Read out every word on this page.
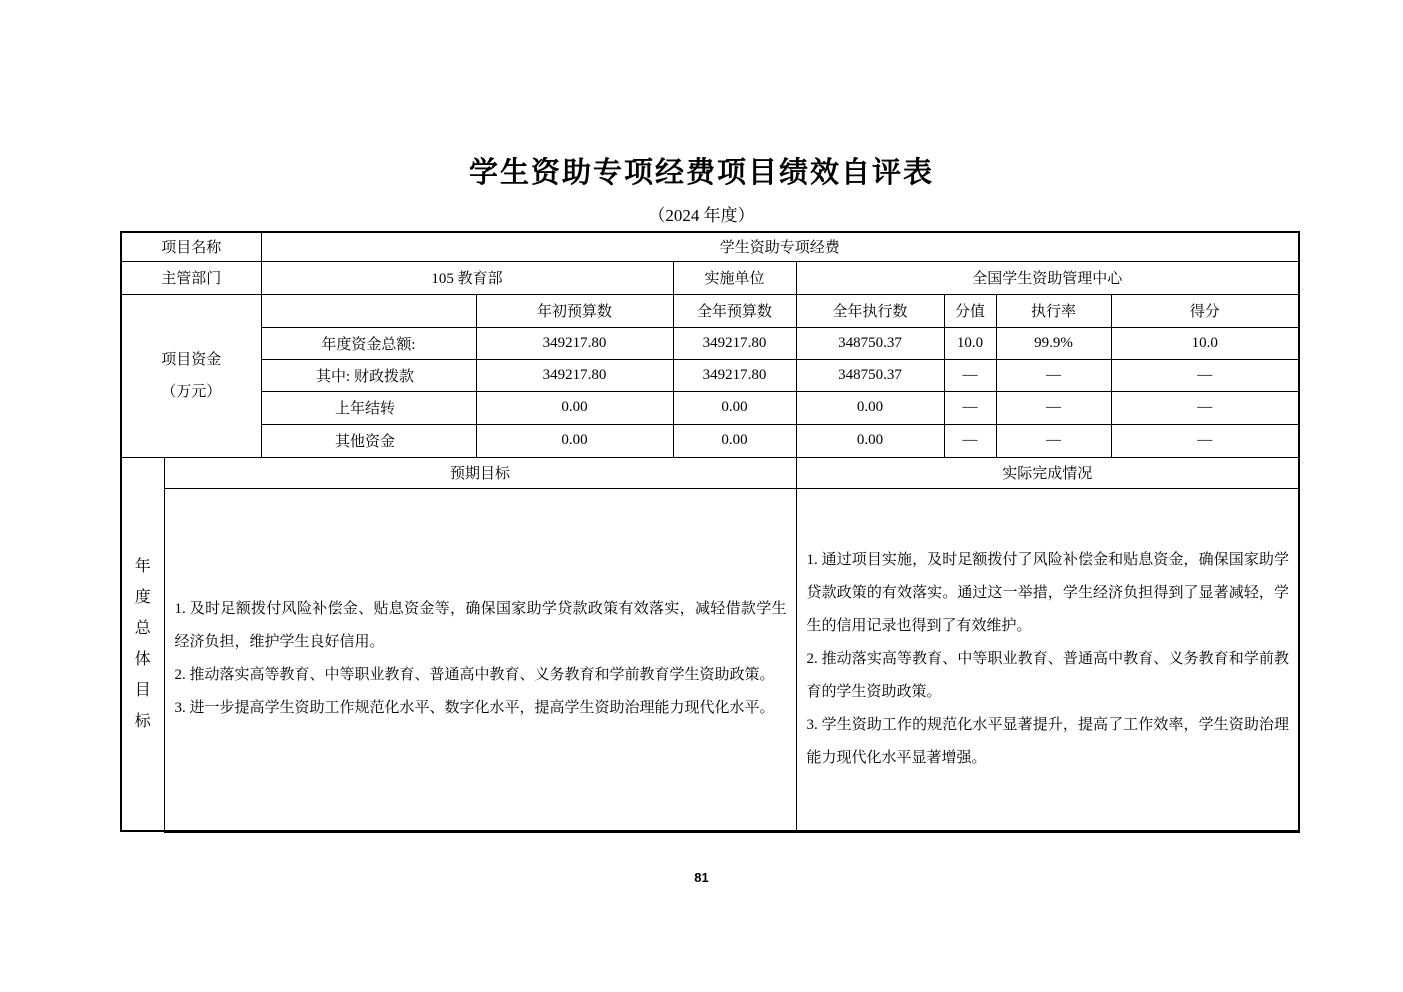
学生资助专项经费项目绩效自评表
（2024 年度）
项目名称		学生资助专项经费						
主管部门		105 教育部		实施单位	全国学生资助管理中心			

项目资金
（万元）			年初预算数	全年预算数	全年执行数	分值	执行率	得分
		年度资金总额:	349217.80	349217.80	348750.37	10.0	99.9%	10.0
		其中: 财政拨款	349217.80	349217.80	348750.37	—	—	—
		上年结转	0.00	0.00	0.00	—	—	—
		其他资金	0.00	0.00	0.00	—	—	—

年
度
总
体
目
标
	预期目标	实际完成情况

1. 及时足额拨付风险补偿金、贴息资金等，确保国家助学贷款政策有效落实，减轻借款学生经济负担，维护学生良好信用。

2. 推动落实高等教育、中等职业教育、普通高中教育、义务教育和学前教育学生资助政策。

3. 进一步提高学生资助工作规范化水平、数字化水平，提高学生资助治理能力现代化水平。

1. 通过项目实施，及时足额拨付了风险补偿金和贴息资金，确保国家助学贷款政策的有效落实。通过这一举措，学生经济负担得到了显著减轻，学生的信用记录也得到了有效维护。

2. 推动落实高等教育、中等职业教育、普通高中教育、义务教育和学前教育的学生资助政策。

3. 学生资助工作的规范化水平显著提升，提高了工作效率，学生资助治理能力现代化水平显著增强。

81
